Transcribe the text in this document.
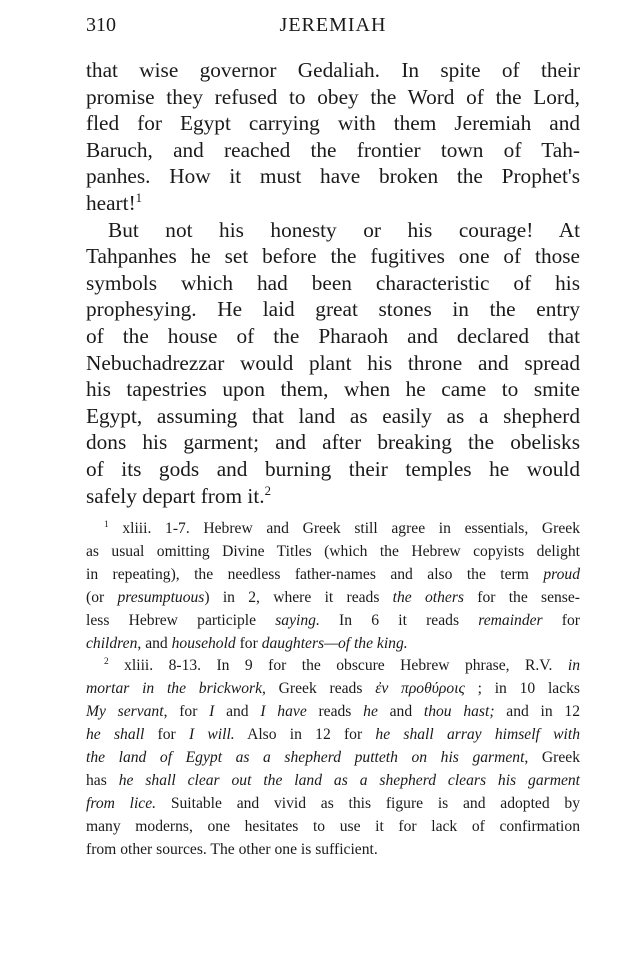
310	JEREMIAH
that wise governor Gedaliah. In spite of their
promise they refused to obey the Word of the Lord,
fled for Egypt carrying with them Jeremiah and
Baruch, and reached the frontier town of Tah-
panhes. How it must have broken the Prophet's
heart!$^1$
But not his honesty or his courage! At
Tahpanhes he set before the fugitives one of those
symbols which had been characteristic of his
prophesying. He laid great stones in the entry
of the house of the Pharaoh and declared that
Nebuchadrezzar would plant his throne and spread
his tapestries upon them, when he came to smite
Egypt, assuming that land as easily as a shepherd
dons his garment; and after breaking the obelisks
of its gods and burning their temples he would
safely depart from it.$^2$
$^1$ xliii. 1-7. Hebrew and Greek still agree in essentials, Greek
as usual omitting Divine Titles (which the Hebrew copyists delight
in repeating), the needless father-names and also the term proud
(or presumptuous) in 2, where it reads the others for the sense-
less Hebrew participle saying. In 6 it reads remainder for
children, and household for daughters—of the king.
$^2$ xliii. 8-13. In 9 for the obscure Hebrew phrase, R.V. in
mortar in the brickwork, Greek reads ἐν προθύροις ; in 10 lacks
My servant, for I and I have reads he and thou hast; and in 12
he shall for I will. Also in 12 for he shall array himself with
the land of Egypt as a shepherd putteth on his garment, Greek
has he shall clear out the land as a shepherd clears his garment
from lice. Suitable and vivid as this figure is and adopted by
many moderns, one hesitates to use it for lack of confirmation
from other sources. The other one is sufficient.
